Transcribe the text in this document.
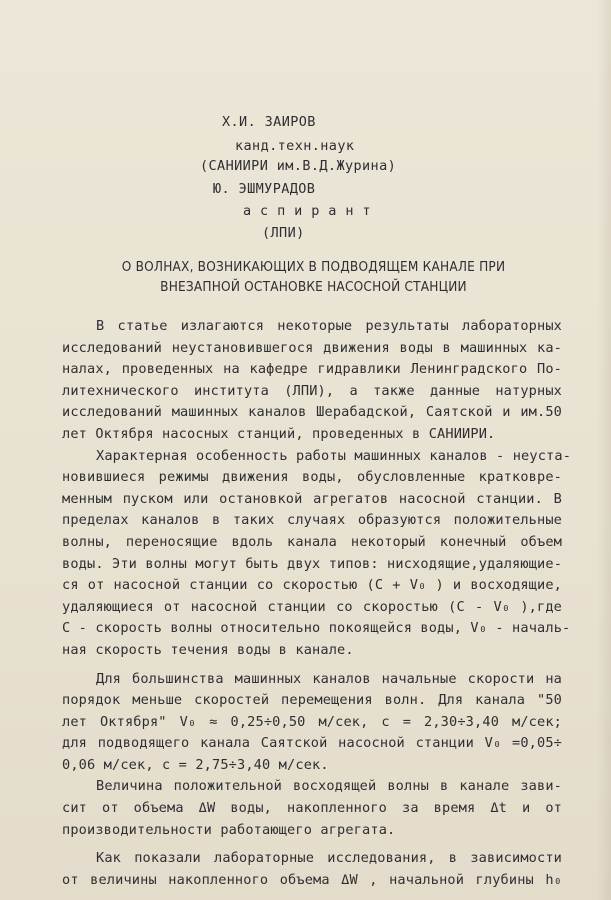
Х.И. ЗАИРОВ
канд.техн.наук
(САНИИРИ им.В.Д.Журина)
Ю. ЭШМУРАДОВ
а с п и р а н т
(ЛПИ)
О ВОЛНАХ, ВОЗНИКАЮЩИХ В ПОДВОДЯЩЕМ КАНАЛЕ ПРИ
ВНЕЗАПНОЙ ОСТАНОВКЕ НАСОСНОЙ СТАНЦИИ
В статье излагаются некоторые результаты лабораторных
исследований неустановившегося движения воды в машинных ка-
налах, проведенных на кафедре гидравлики Ленинградского По-
литехнического института (ЛПИ), а также данные натурных
исследований машинных каналов Шерабадской, Саятской и им.50
лет Октября насосных станций, проведенных в САНИИРИ.
Характерная особенность работы машинных каналов - неуста-
новившиеся режимы движения воды, обусловленные кратковре-
менным пуском или остановкой агрегатов насосной станции. В
пределах каналов в таких случаях образуются положительные
волны, переносящие вдоль канала некоторый конечный объем
воды. Эти волны могут быть двух типов: нисходящие,удаляющие-
ся от насосной станции со скоростью (С + V₀ ) и восходящие,
удаляющиеся от насосной станции со скоростью (С - V₀ ),где
С - скорость волны относительно покоящейся воды, V₀ - началь-
ная скорость течения воды в канале.
Для большинства машинных каналов начальные скорости на
порядок меньше скоростей перемещения волн. Для канала "50
лет Октября" V₀ ≈ 0,25÷0,50 м/сек, c = 2,30÷3,40 м/сек;
для подводящего канала Саятской насосной станции V₀ =0,05÷
0,06 м/сек, c = 2,75÷3,40 м/сек.
Величина положительной восходящей волны в канале зави-
сит от объема ΔW воды, накопленного за время Δt и от
производительности работающего агрегата.
Как показали лабораторные исследования, в зависимости
от величины накопленного объема ΔW , начальной глубины h₀
